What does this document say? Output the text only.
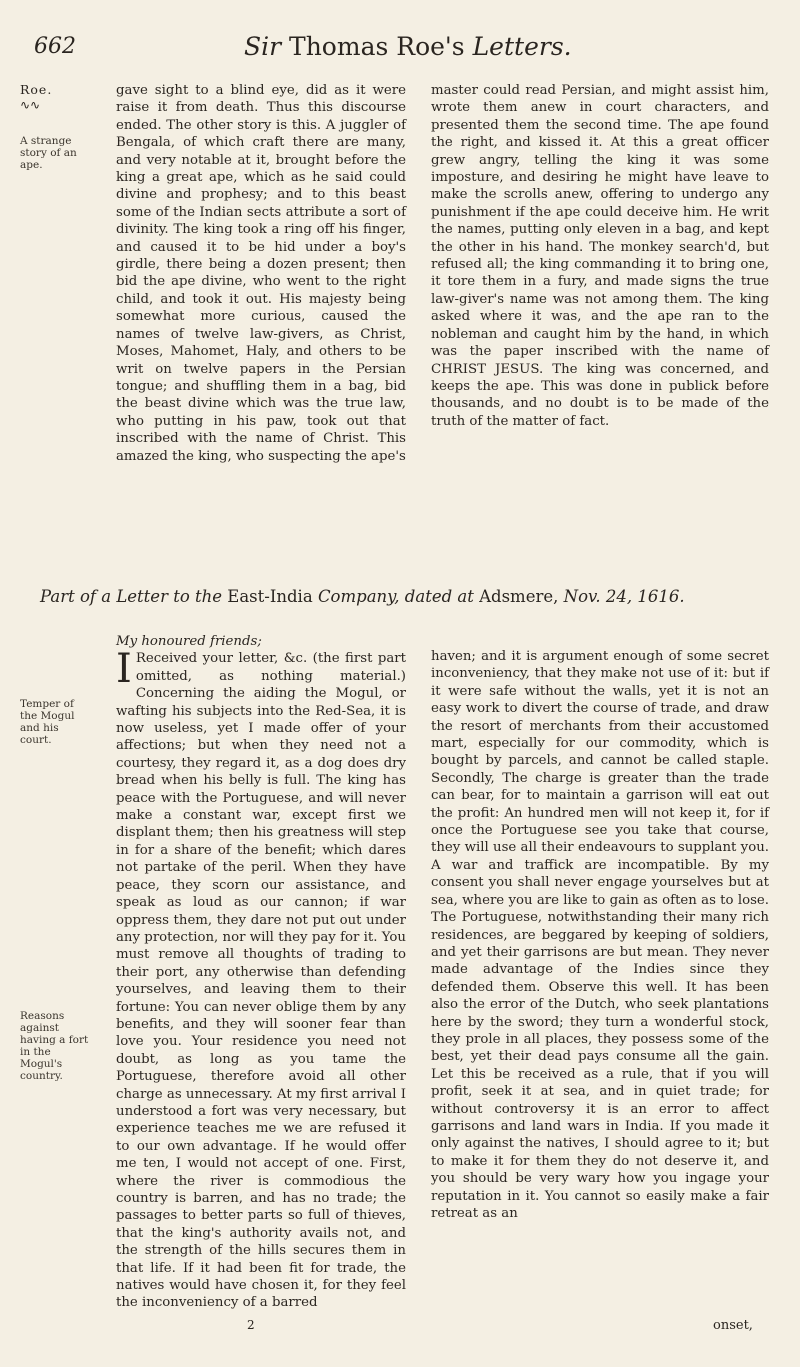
662	Sir Thomas Roe's Letters.
Roe.
∿∿
A strange story of an ape.

gave sight to a blind eye, did as it were raise it from death. Thus this discourse ended. The other story is this. A juggler of Bengala, of which craft there are many, and very notable at it, brought before the king a great ape, which as he said could divine and prophesy; and to this beast some of the Indian sects attribute a sort of divinity. The king took a ring off his finger, and caused it to be hid under a boy's girdle, there being a dozen present; then bid the ape divine, who went to the right child, and took it out. His majesty being somewhat more curious, caused the names of twelve law-givers, as Christ, Moses, Mahomet, Haly, and others to be writ on twelve papers in the Persian tongue; and shuffling them in a bag, bid the beast divine which was the true law, who putting in his paw, took out that inscribed with the name of Christ. This amazed the king, who suspecting the ape's

master could read Persian, and might assist him, wrote them anew in court characters, and presented them the second time. The ape found the right, and kissed it. At this a great officer grew angry, telling the king it was some imposture, and desiring he might have leave to make the scrolls anew, offering to undergo any punishment if the ape could deceive him. He writ the names, putting only eleven in a bag, and kept the other in his hand. The monkey search'd, but refused all; the king commanding it to bring one, it tore them in a fury, and made signs the true law-giver's name was not among them. The king asked where it was, and the ape ran to the nobleman and caught him by the hand, in which was the paper inscribed with the name of CHRIST JESUS. The king was concerned, and keeps the ape. This was done in publick before thousands, and no doubt is to be made of the truth of the matter of fact.

Part of a Letter to the East-India Company, dated at Adsmere, Nov. 24, 1616.
Temper of the Mogul and his court.
Reasons against having a fort in the Mogul's country.

My honoured friends;

I Received your letter, &c. (the first part omitted, as nothing material.) Concerning the aiding the Mogul, or wafting his subjects into the Red-Sea, it is now useless, yet I made offer of your affections; but when they need not a courtesy, they regard it, as a dog does dry bread when his belly is full. The king has peace with the Portuguese, and will never make a constant war, except first we displant them; then his greatness will step in for a share of the benefit; which dares not partake of the peril. When they have peace, they scorn our assistance, and speak as loud as our cannon; if war oppress them, they dare not put out under any protection, nor will they pay for it. You must remove all thoughts of trading to their port, any otherwise than defending yourselves, and leaving them to their fortune: You can never oblige them by any benefits, and they will sooner fear than love you. Your residence you need not doubt, as long as you tame the Portuguese, therefore avoid all other charge as unnecessary. At my first arrival I understood a fort was very necessary, but experience teaches me we are refused it to our own advantage. If he would offer me ten, I would not accept of one. First, where the river is commodious the country is barren, and has no trade; the passages to better parts so full of thieves, that the king's authority avails not, and the strength of the hills secures them in that life. If it had been fit for trade, the natives would have chosen it, for they feel the inconveniency of a barred

haven; and it is argument enough of some secret inconveniency, that they make not use of it: but if it were safe without the walls, yet it is not an easy work to divert the course of trade, and draw the resort of merchants from their accustomed mart, especially for our commodity, which is bought by parcels, and cannot be called staple. Secondly, The charge is greater than the trade can bear, for to maintain a garrison will eat out the profit: An hundred men will not keep it, for if once the Portuguese see you take that course, they will use all their endeavours to supplant you. A war and traffick are incompatible. By my consent you shall never engage yourselves but at sea, where you are like to gain as often as to lose. The Portuguese, notwithstanding their many rich residences, are beggared by keeping of soldiers, and yet their garrisons are but mean. They never made advantage of the Indies since they defended them. Observe this well. It has been also the error of the Dutch, who seek plantations here by the sword; they turn a wonderful stock, they prole in all places, they possess some of the best, yet their dead pays consume all the gain. Let this be received as a rule, that if you will profit, seek it at sea, and in quiet trade; for without controversy it is an error to affect garrisons and land wars in India. If you made it only against the natives, I should agree to it; but to make it for them they do not deserve it, and you should be very wary how you ingage your reputation in it. You cannot so easily make a fair retreat as an

2	onset,
